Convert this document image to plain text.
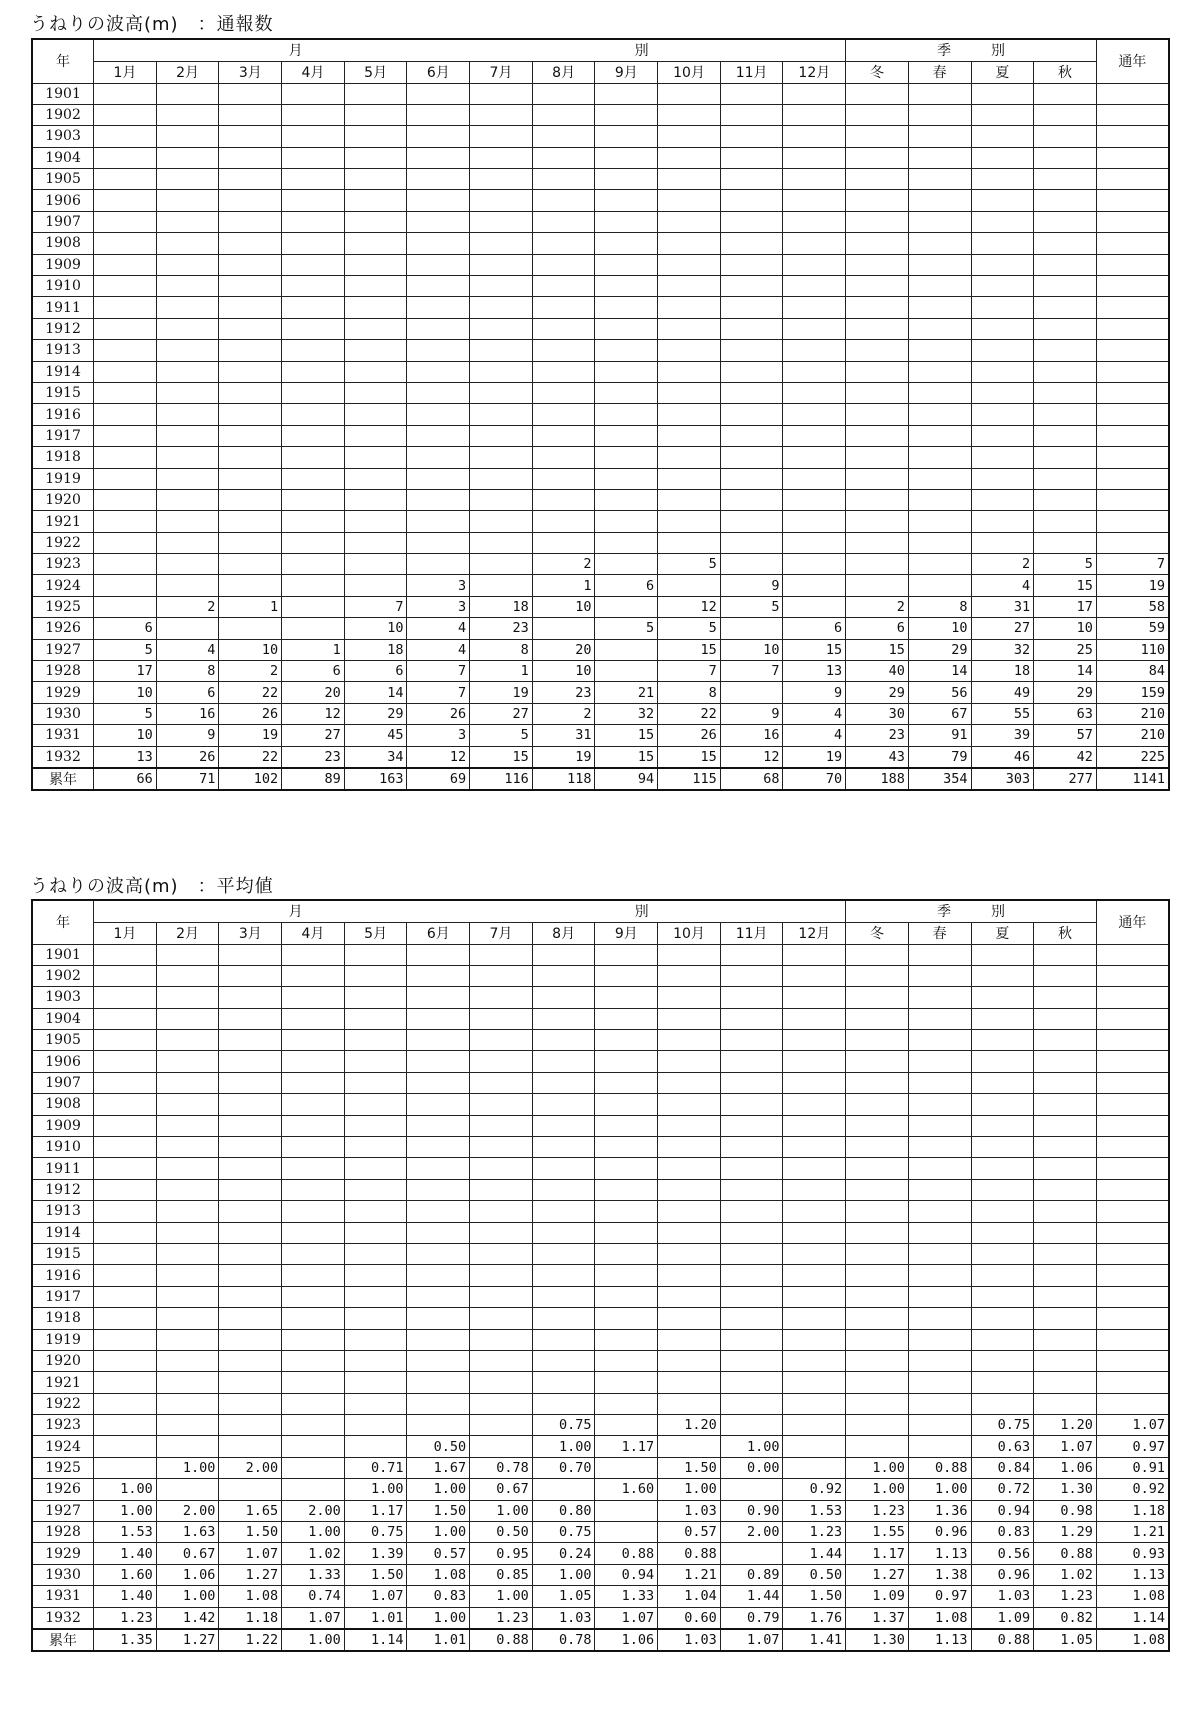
うねりの波高(m)　：通報数
年	月 別												季 別				通年
	1月	2月	3月	4月	5月	6月	7月	8月	9月	10月	11月	12月	冬	春	夏	秋	
1901																	
1902																	
1903																	
1904																	
1905																	
1906																	
1907																	
1908																	
1909																	
1910																	
1911																	
1912																	
1913																	
1914																	
1915																	
1916																	
1917																	
1918																	
1919																	
1920																	
1921																	
1922																	
1923								2		5					2	5	7
1924						3		1	6		9				4	15	19
1925		2	1		7	3	18	10		12	5		2	8	31	17	58
1926	6				10	4	23		5	5		6	6	10	27	10	59
1927	5	4	10	1	18	4	8	20		15	10	15	15	29	32	25	110
1928	17	8	2	6	6	7	1	10		7	7	13	40	14	18	14	84
1929	10	6	22	20	14	7	19	23	21	8		9	29	56	49	29	159
1930	5	16	26	12	29	26	27	2	32	22	9	4	30	67	55	63	210
1931	10	9	19	27	45	3	5	31	15	26	16	4	23	91	39	57	210
1932	13	26	22	23	34	12	15	19	15	15	12	19	43	79	46	42	225
累年	66	71	102	89	163	69	116	118	94	115	68	70	188	354	303	277	1141
うねりの波高(m)　：平均値
年	月 別												季 別				通年
	1月	2月	3月	4月	5月	6月	7月	8月	9月	10月	11月	12月	冬	春	夏	秋	
1901																	
1902																	
1903																	
1904																	
1905																	
1906																	
1907																	
1908																	
1909																	
1910																	
1911																	
1912																	
1913																	
1914																	
1915																	
1916																	
1917																	
1918																	
1919																	
1920																	
1921																	
1922																	
1923								0.75		1.20					0.75	1.20	1.07
1924						0.50		1.00	1.17		1.00				0.63	1.07	0.97
1925		1.00	2.00		0.71	1.67	0.78	0.70		1.50	0.00		1.00	0.88	0.84	1.06	0.91
1926	1.00				1.00	1.00	0.67		1.60	1.00		0.92	1.00	1.00	0.72	1.30	0.92
1927	1.00	2.00	1.65	2.00	1.17	1.50	1.00	0.80		1.03	0.90	1.53	1.23	1.36	0.94	0.98	1.18
1928	1.53	1.63	1.50	1.00	0.75	1.00	0.50	0.75		0.57	2.00	1.23	1.55	0.96	0.83	1.29	1.21
1929	1.40	0.67	1.07	1.02	1.39	0.57	0.95	0.24	0.88	0.88		1.44	1.17	1.13	0.56	0.88	0.93
1930	1.60	1.06	1.27	1.33	1.50	1.08	0.85	1.00	0.94	1.21	0.89	0.50	1.27	1.38	0.96	1.02	1.13
1931	1.40	1.00	1.08	0.74	1.07	0.83	1.00	1.05	1.33	1.04	1.44	1.50	1.09	0.97	1.03	1.23	1.08
1932	1.23	1.42	1.18	1.07	1.01	1.00	1.23	1.03	1.07	0.60	0.79	1.76	1.37	1.08	1.09	0.82	1.14
累年	1.35	1.27	1.22	1.00	1.14	1.01	0.88	0.78	1.06	1.03	1.07	1.41	1.30	1.13	0.88	1.05	1.08
